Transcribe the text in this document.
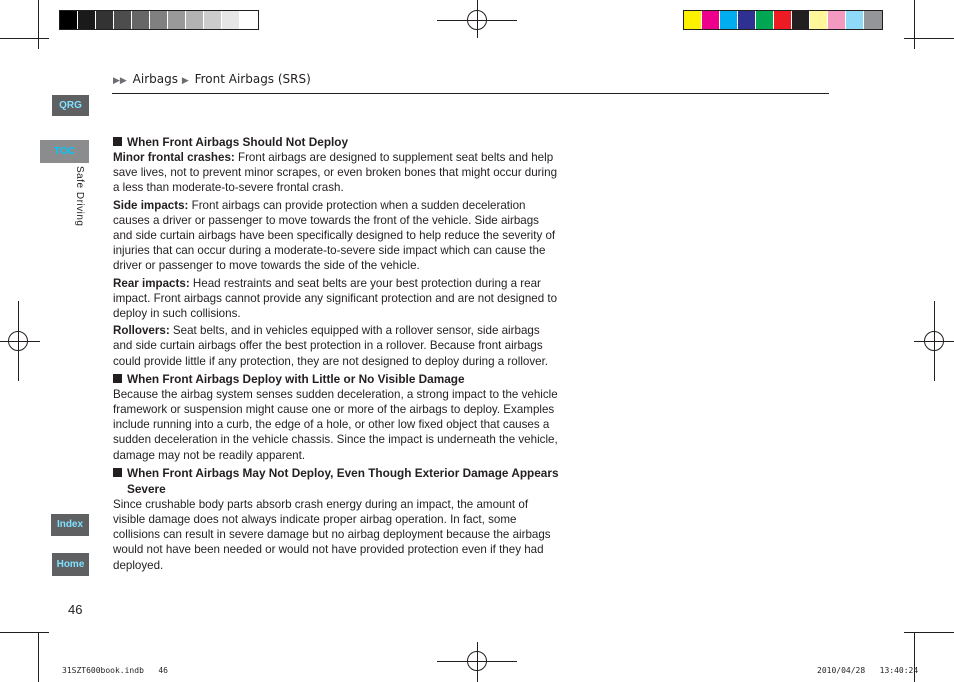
▶▶ Airbags ▶ Front Airbags (SRS)
QRG
TOC
Safe Driving
Index
Home
46
When Front Airbags Should Not Deploy

Minor frontal crashes: Front airbags are designed to supplement seat belts and help save lives, not to prevent minor scrapes, or even broken bones that might occur during a less than moderate-to-severe frontal crash.

Side impacts: Front airbags can provide protection when a sudden deceleration causes a driver or passenger to move towards the front of the vehicle. Side airbags and side curtain airbags have been specifically designed to help reduce the severity of injuries that can occur during a moderate-to-severe side impact which can cause the driver or passenger to move towards the side of the vehicle.

Rear impacts: Head restraints and seat belts are your best protection during a rear impact. Front airbags cannot provide any significant protection and are not designed to deploy in such collisions.

Rollovers: Seat belts, and in vehicles equipped with a rollover sensor, side airbags and side curtain airbags offer the best protection in a rollover. Because front airbags could provide little if any protection, they are not designed to deploy during a rollover.

When Front Airbags Deploy with Little or No Visible Damage

Because the airbag system senses sudden deceleration, a strong impact to the vehicle framework or suspension might cause one or more of the airbags to deploy. Examples include running into a curb, the edge of a hole, or other low fixed object that causes a sudden deceleration in the vehicle chassis. Since the impact is underneath the vehicle, damage may not be readily apparent.

When Front Airbags May Not Deploy, Even Though Exterior Damage Appears Severe

Since crushable body parts absorb crash energy during an impact, the amount of visible damage does not always indicate proper airbag operation. In fact, some collisions can result in severe damage but no airbag deployment because the airbags would not have been needed or would not have provided protection even if they had deployed.

31SZT600book.indb 46	2010/04/28 13:40:24
